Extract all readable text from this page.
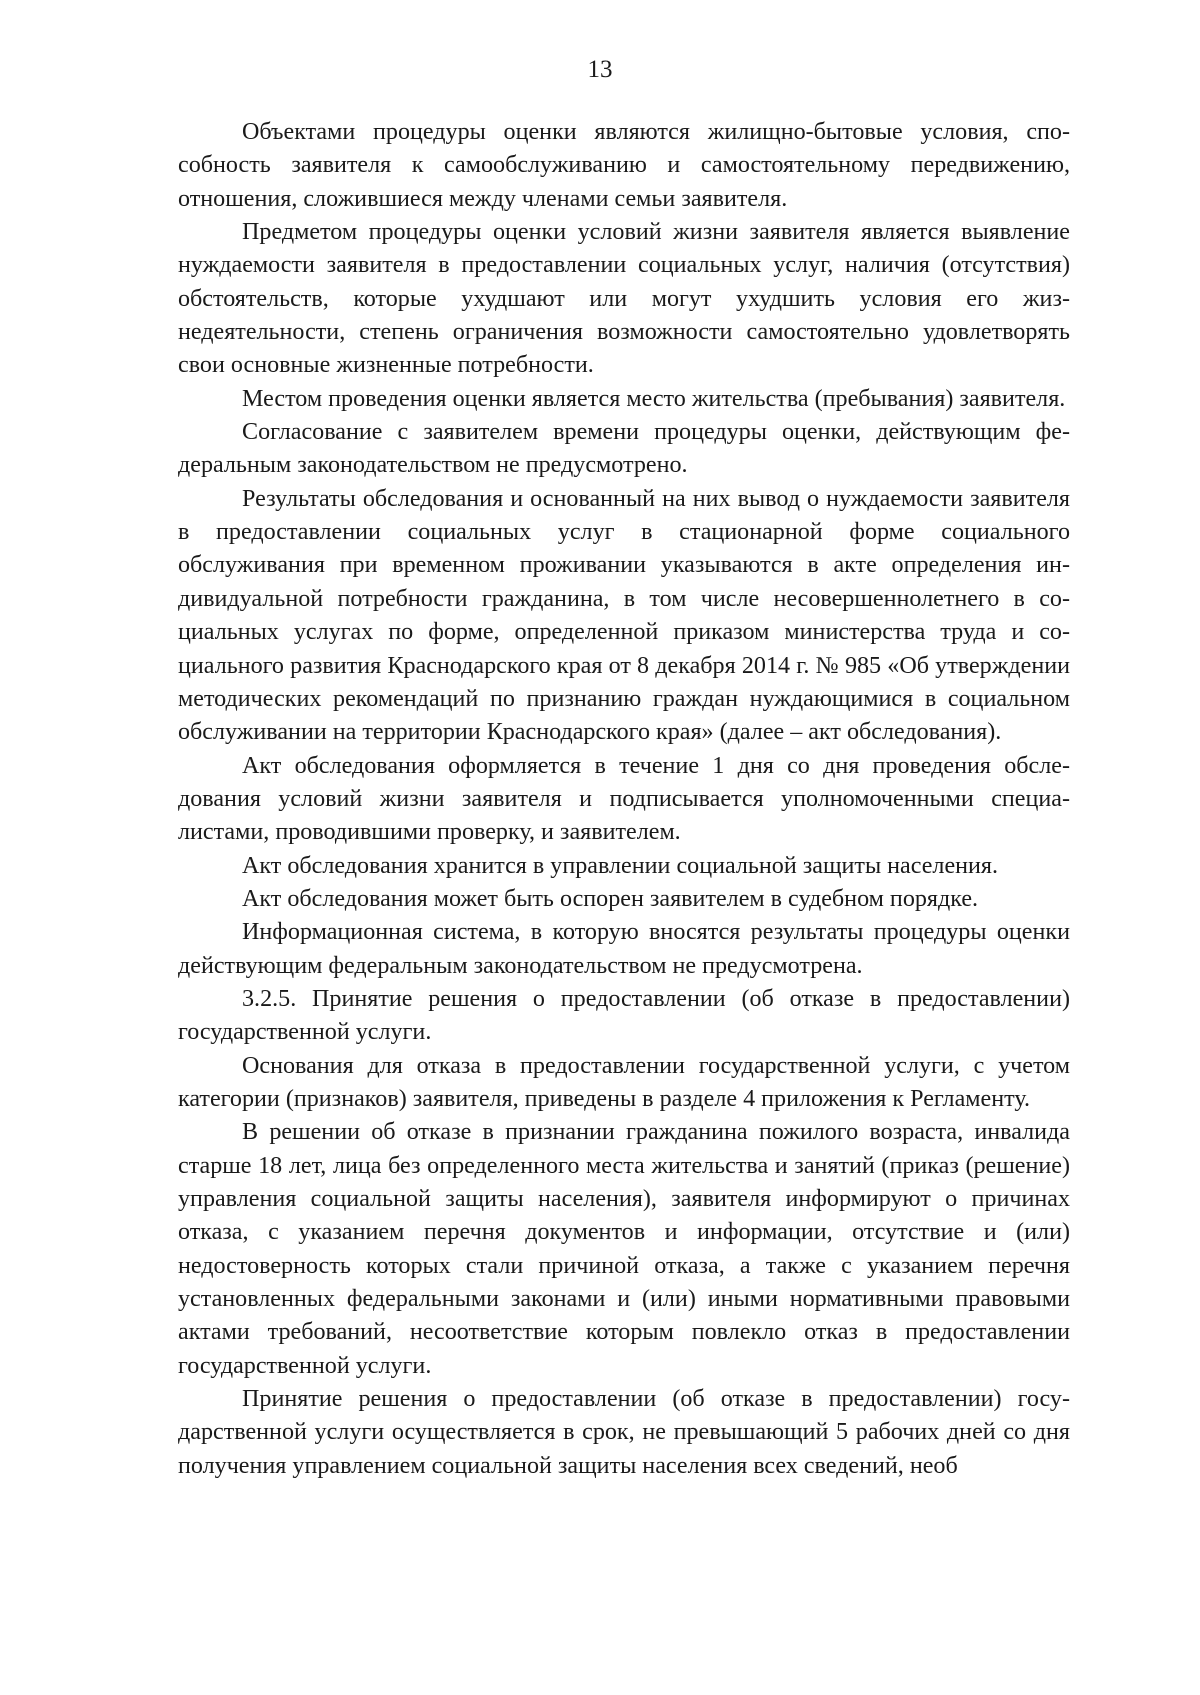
13

Объектами процедуры оценки являются жилищно-бытовые условия, способность заявителя к самообслуживанию и самостоятельному передвижению, отношения, сложившиеся между членами семьи заявителя.

Предметом процедуры оценки условий жизни заявителя является выявление нуждаемости заявителя в предоставлении социальных услуг, наличия (отсутствия) обстоятельств, которые ухудшают или могут ухудшить условия его жизнедеятельности, степень ограничения возможности самостоятельно удовлетворять свои основные жизненные потребности.

Местом проведения оценки является место жительства (пребывания) заявителя.

Согласование с заявителем времени процедуры оценки, действующим федеральным законодательством не предусмотрено.

Результаты обследования и основанный на них вывод о нуждаемости заявителя в предоставлении социальных услуг в стационарной форме социального обслуживания при временном проживании указываются в акте определения индивидуальной потребности гражданина, в том числе несовершеннолетнего в социальных услугах по форме, определенной приказом министерства труда и социального развития Краснодарского края от 8 декабря 2014 г. № 985 «Об утверждении методических рекомендаций по признанию граждан нуждающимися в социальном обслуживании на территории Краснодарского края» (далее – акт обследования).

Акт обследования оформляется в течение 1 дня со дня проведения обследования условий жизни заявителя и подписывается уполномоченными специалистами, проводившими проверку, и заявителем.

Акт обследования хранится в управлении социальной защиты населения.

Акт обследования может быть оспорен заявителем в судебном порядке.

Информационная система, в которую вносятся результаты процедуры оценки действующим федеральным законодательством не предусмотрена.

3.2.5. Принятие решения о предоставлении (об отказе в предоставлении) государственной услуги.

Основания для отказа в предоставлении государственной услуги, с учетом категории (признаков) заявителя, приведены в разделе 4 приложения к Регламенту.

В решении об отказе в признании гражданина пожилого возраста, инвалида старше 18 лет, лица без определенного места жительства и занятий (приказ (решение) управления социальной защиты населения), заявителя информируют о причинах отказа, с указанием перечня документов и информации, отсутствие и (или) недостоверность которых стали причиной отказа, а также с указанием перечня установленных федеральными законами и (или) иными нормативными правовыми актами требований, несоответствие которым повлекло отказ в предоставлении государственной услуги.

Принятие решения о предоставлении (об отказе в предоставлении) государственной услуги осуществляется в срок, не превышающий 5 рабочих дней со дня получения управлением социальной защиты населения всех сведений, необ
